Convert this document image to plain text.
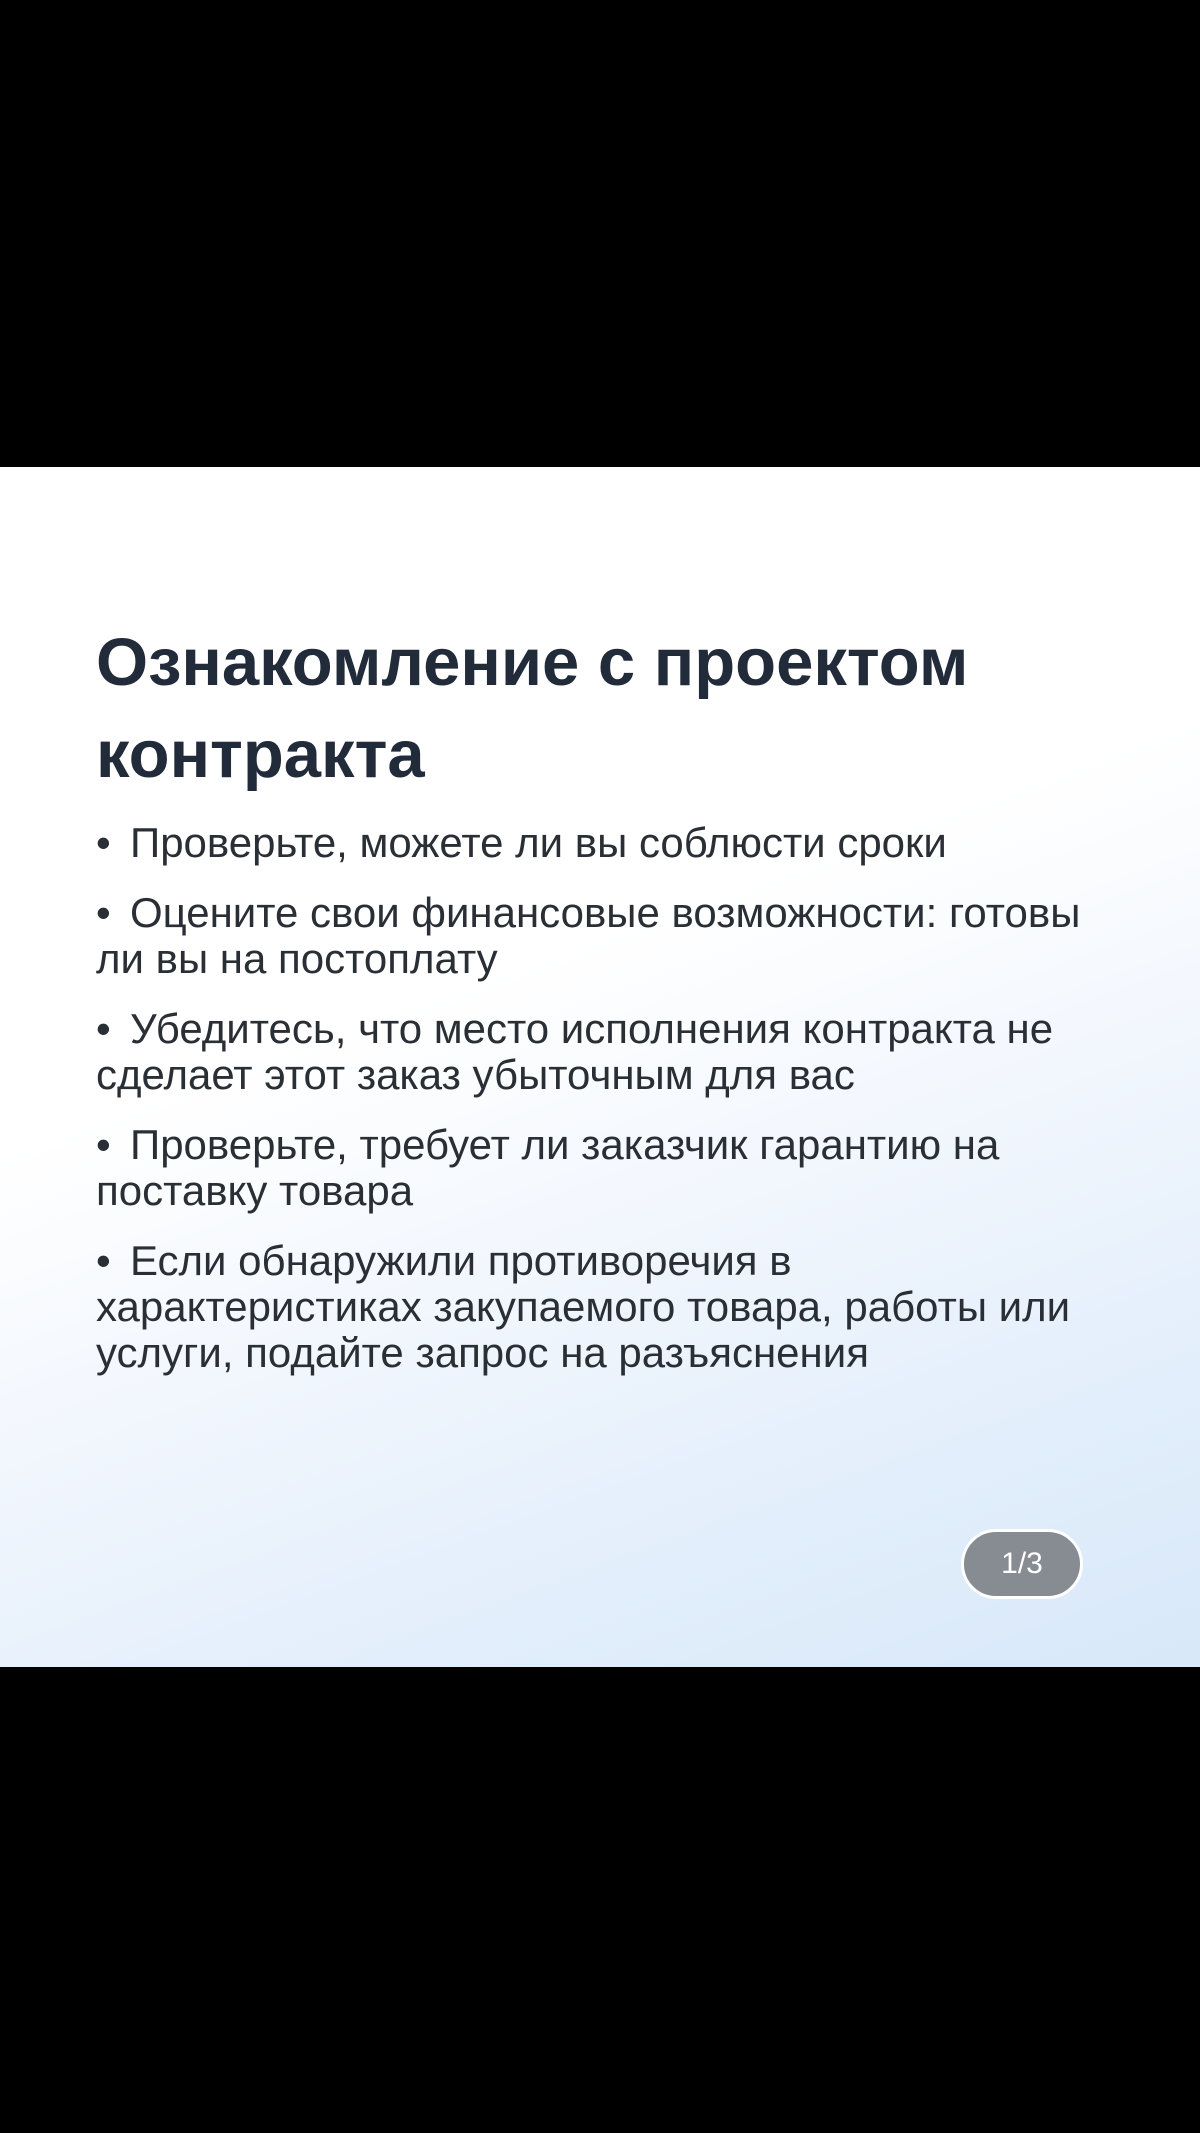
Ознакомление с проектом контракта
• Проверьте, можете ли вы соблюсти сроки
• Оцените свои финансовые возможности: готовы ли вы на постоплату
• Убедитесь, что место исполнения контракта не сделает этот заказ убыточным для вас
• Проверьте, требует ли заказчик гарантию на поставку товара
• Если обнаружили противоречия в характеристиках закупаемого товара, работы или услуги, подайте запрос на разъяснения
1/3
